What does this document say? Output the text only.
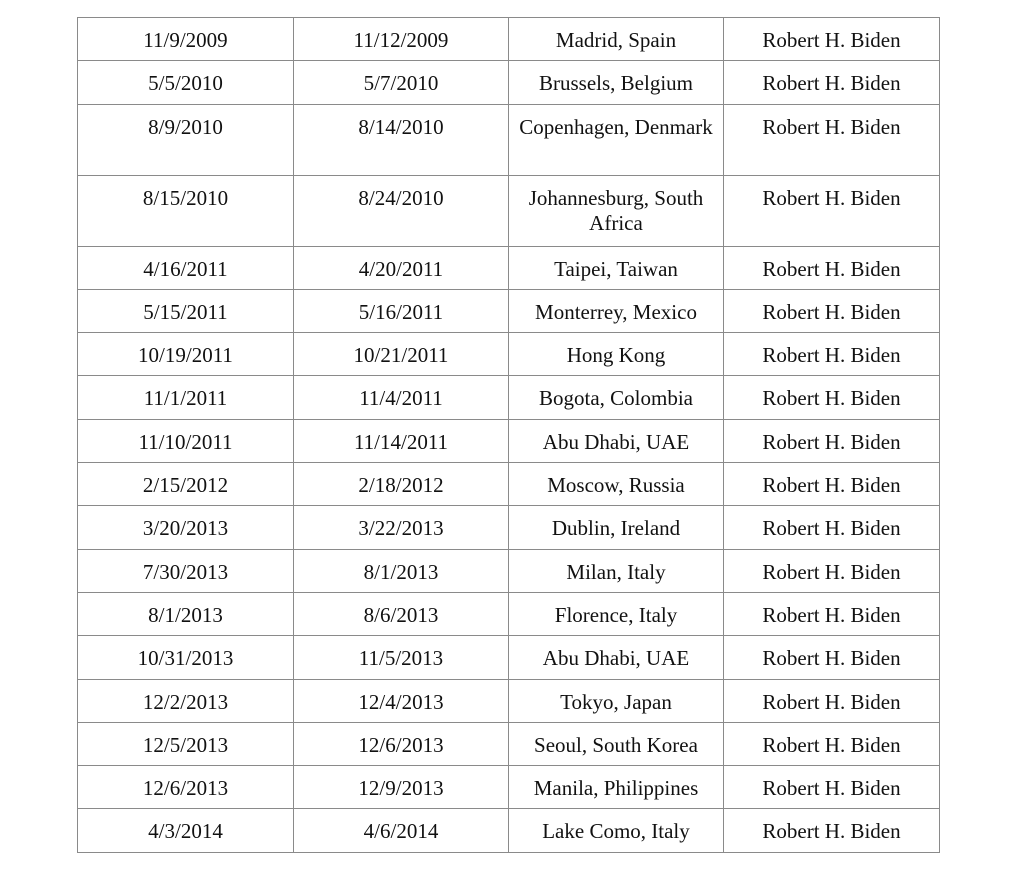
11/9/2009	11/12/2009	Madrid, Spain	Robert H. Biden
5/5/2010	5/7/2010	Brussels, Belgium	Robert H. Biden
8/9/2010	8/14/2010	Copenhagen, Denmark	Robert H. Biden
8/15/2010	8/24/2010	Johannesburg, South Africa	Robert H. Biden
4/16/2011	4/20/2011	Taipei, Taiwan	Robert H. Biden
5/15/2011	5/16/2011	Monterrey, Mexico	Robert H. Biden
10/19/2011	10/21/2011	Hong Kong	Robert H. Biden
11/1/2011	11/4/2011	Bogota, Colombia	Robert H. Biden
11/10/2011	11/14/2011	Abu Dhabi, UAE	Robert H. Biden
2/15/2012	2/18/2012	Moscow, Russia	Robert H. Biden
3/20/2013	3/22/2013	Dublin, Ireland	Robert H. Biden
7/30/2013	8/1/2013	Milan, Italy	Robert H. Biden
8/1/2013	8/6/2013	Florence, Italy	Robert H. Biden
10/31/2013	11/5/2013	Abu Dhabi, UAE	Robert H. Biden
12/2/2013	12/4/2013	Tokyo, Japan	Robert H. Biden
12/5/2013	12/6/2013	Seoul, South Korea	Robert H. Biden
12/6/2013	12/9/2013	Manila, Philippines	Robert H. Biden
4/3/2014	4/6/2014	Lake Como, Italy	Robert H. Biden
